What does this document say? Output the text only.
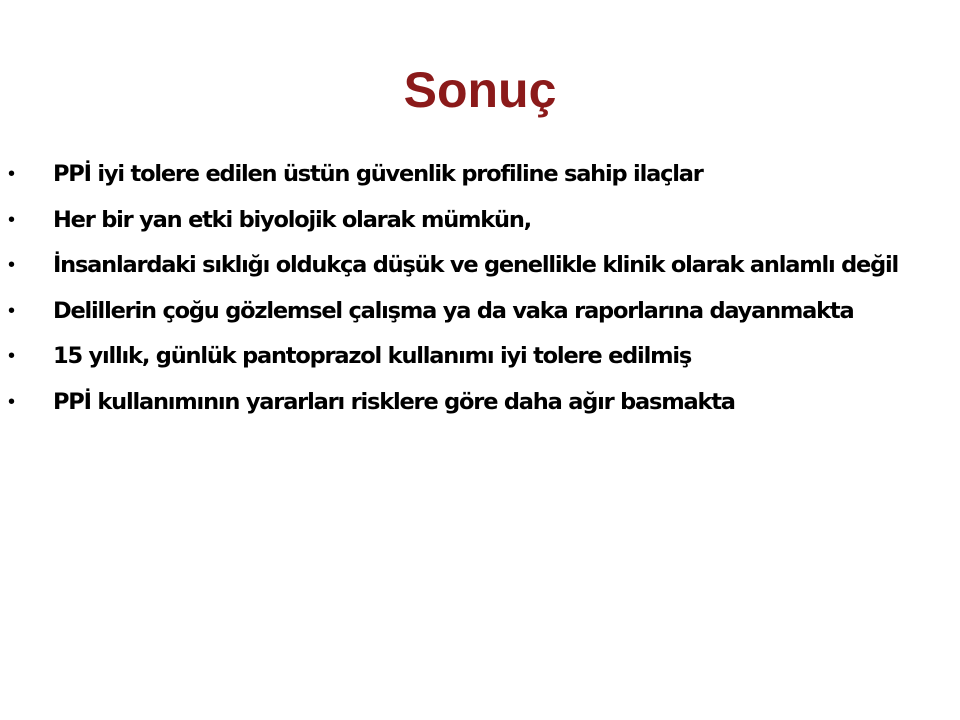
Sonuç
• PPİ iyi tolere edilen üstün güvenlik profiline sahip ilaçlar
• Her bir yan etki biyolojik olarak mümkün,
• İnsanlardaki sıklığı oldukça düşük ve genellikle klinik olarak anlamlı değil
• Delillerin çoğu gözlemsel çalışma ya da vaka raporlarına dayanmakta
• 15 yıllık, günlük pantoprazol kullanımı iyi tolere edilmiş
• PPİ kullanımının yararları risklere göre daha ağır basmakta
